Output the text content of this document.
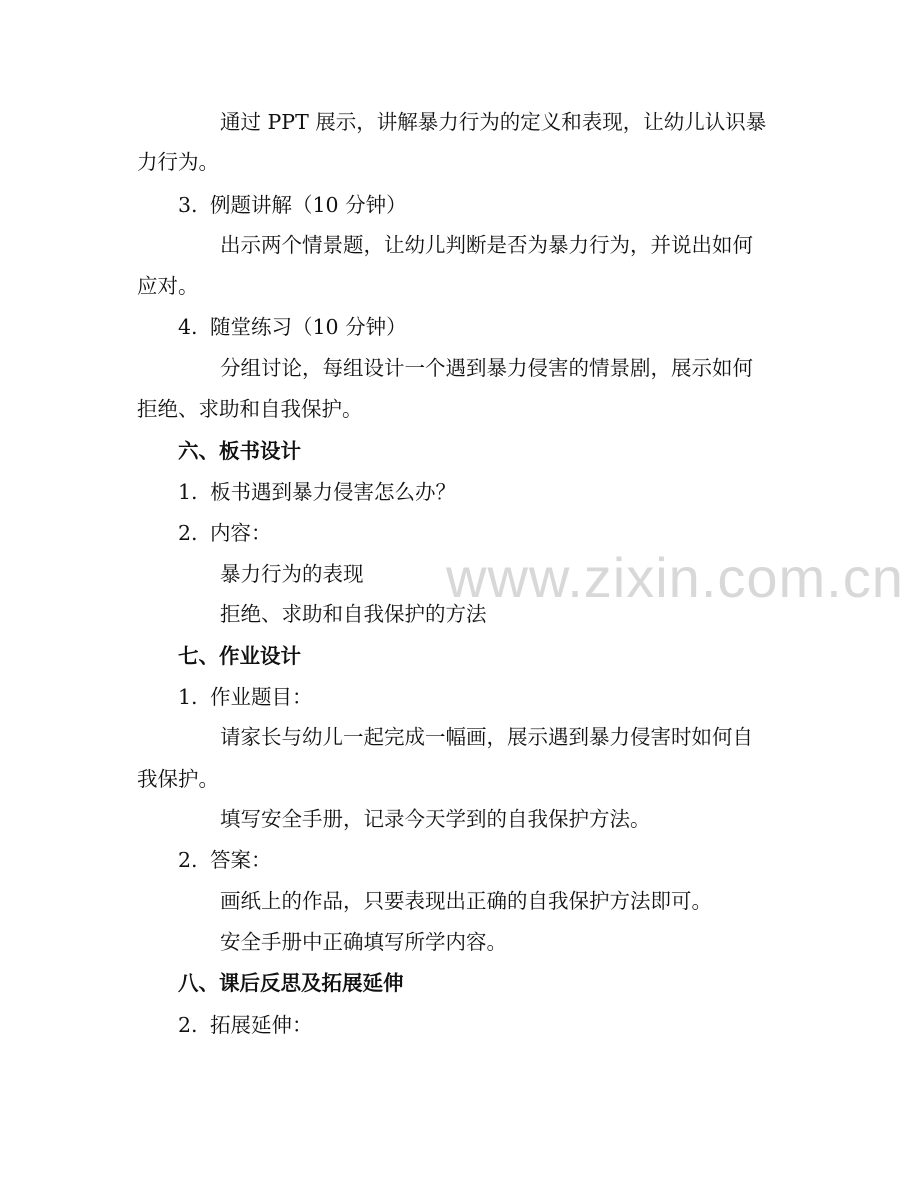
www.zixin.com.cn
通过 PPT 展示，讲解暴力行为的定义和表现，让幼儿认识暴
力行为。
3. 例题讲解（10 分钟）
出示两个情景题，让幼儿判断是否为暴力行为，并说出如何
应对。
4. 随堂练习（10 分钟）
分组讨论，每组设计一个遇到暴力侵害的情景剧，展示如何
拒绝、求助和自我保护。
六、板书设计
1. 板书遇到暴力侵害怎么办？
2. 内容：
暴力行为的表现
拒绝、求助和自我保护的方法
七、作业设计
1. 作业题目：
请家长与幼儿一起完成一幅画，展示遇到暴力侵害时如何自
我保护。
填写安全手册，记录今天学到的自我保护方法。
2. 答案：
画纸上的作品，只要表现出正确的自我保护方法即可。
安全手册中正确填写所学内容。
八、课后反思及拓展延伸
2. 拓展延伸：
